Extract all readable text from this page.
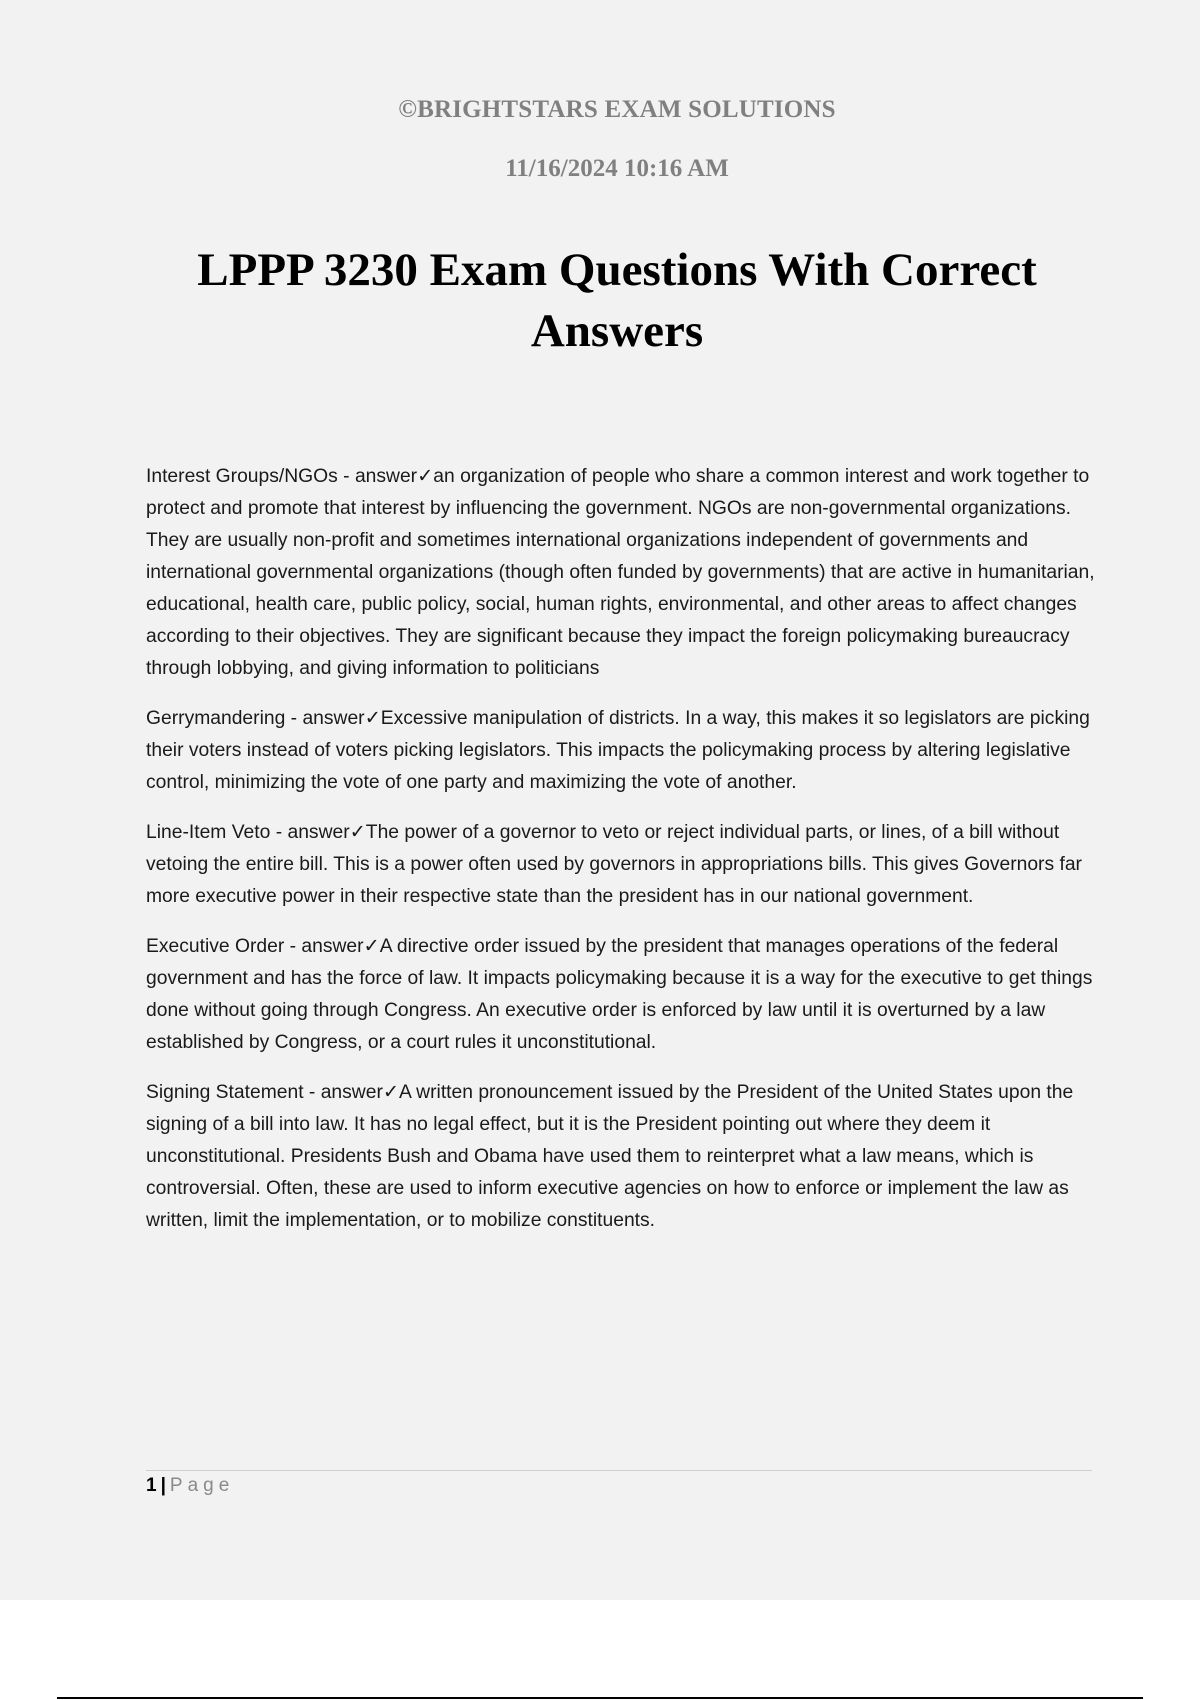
©BRIGHTSTARS EXAM SOLUTIONS
11/16/2024 10:16 AM
LPPP 3230 Exam Questions With Correct Answers

Interest Groups/NGOs - answer✓an organization of people who share a common interest and work together to protect and promote that interest by influencing the government. NGOs are non-governmental organizations. They are usually non-profit and sometimes international organizations independent of governments and international governmental organizations (though often funded by governments) that are active in humanitarian, educational, health care, public policy, social, human rights, environmental, and other areas to affect changes according to their objectives. They are significant because they impact the foreign policymaking bureaucracy through lobbying, and giving information to politicians

Gerrymandering - answer✓Excessive manipulation of districts. In a way, this makes it so legislators are picking their voters instead of voters picking legislators. This impacts the policymaking process by altering legislative control, minimizing the vote of one party and maximizing the vote of another.

Line-Item Veto - answer✓The power of a governor to veto or reject individual parts, or lines, of a bill without vetoing the entire bill. This is a power often used by governors in appropriations bills. This gives Governors far more executive power in their respective state than the president has in our national government.

Executive Order - answer✓A directive order issued by the president that manages operations of the federal government and has the force of law. It impacts policymaking because it is a way for the executive to get things done without going through Congress. An executive order is enforced by law until it is overturned by a law established by Congress, or a court rules it unconstitutional.

Signing Statement - answer✓A written pronouncement issued by the President of the United States upon the signing of a bill into law. It has no legal effect, but it is the President pointing out where they deem it unconstitutional. Presidents Bush and Obama have used them to reinterpret what a law means, which is controversial. Often, these are used to inform executive agencies on how to enforce or implement the law as written, limit the implementation, or to mobilize constituents.

1 | Page
